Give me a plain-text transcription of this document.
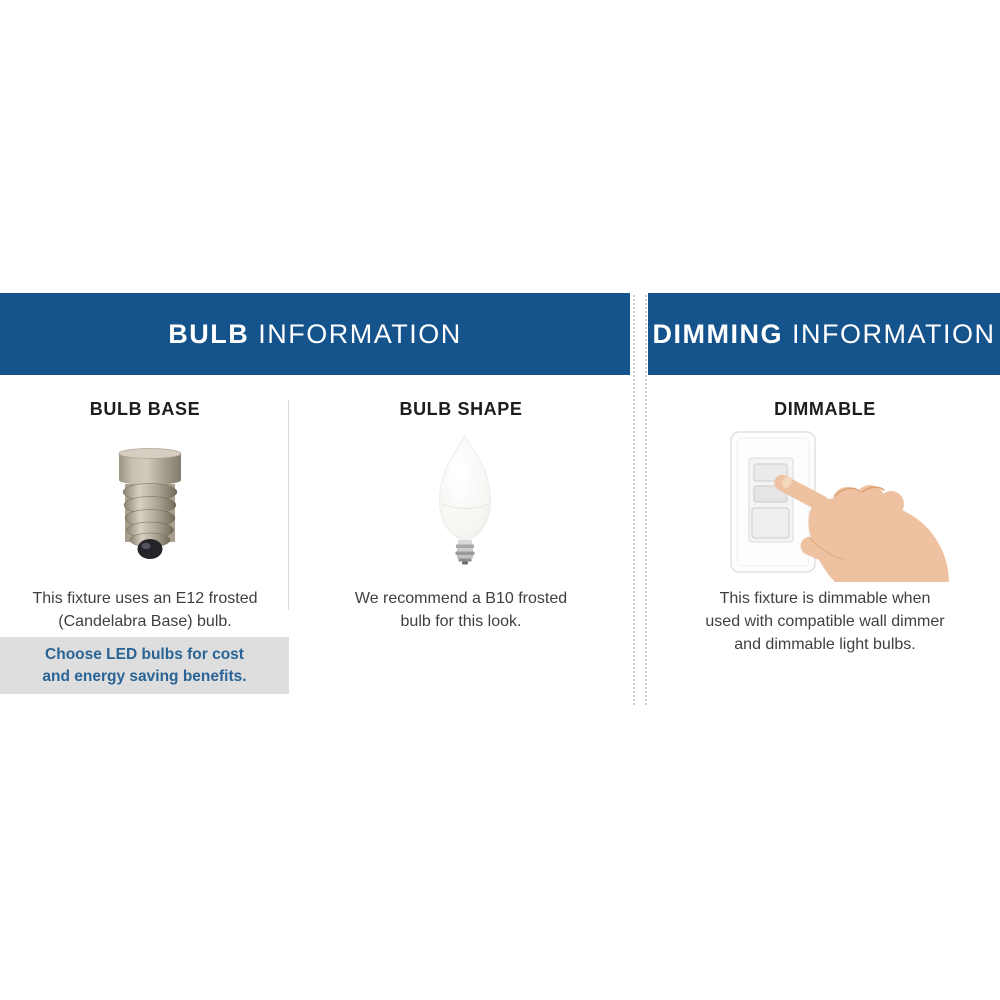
BULB INFORMATION	DIMMING INFORMATION
BULB BASE	BULB SHAPE	DIMMABLE
This fixture uses an E12 frosted
(Candelabra Base) bulb.
We recommend a B10 frosted
bulb for this look.
This fixture is dimmable when
used with compatible wall dimmer
and dimmable light bulbs.
Choose LED bulbs for cost
and energy saving benefits.
